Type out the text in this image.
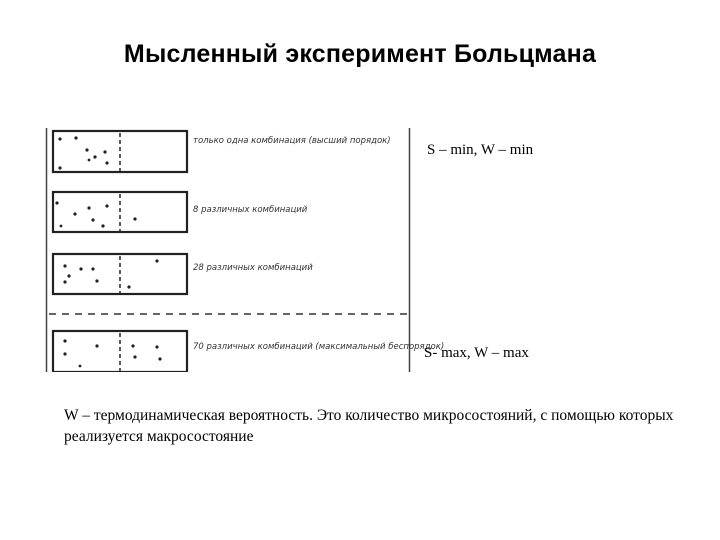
Мысленный эксперимент Больцмана
только одна комбинация (высший порядок)
8 различных комбинаций
28 различных комбинаций
70 различных комбинаций (максимальный беспорядок)
S – min, W – min
S- max, W – max
W – термодинамическая вероятность. Это количество микросостояний, с помощью которых реализуется макросостояние
